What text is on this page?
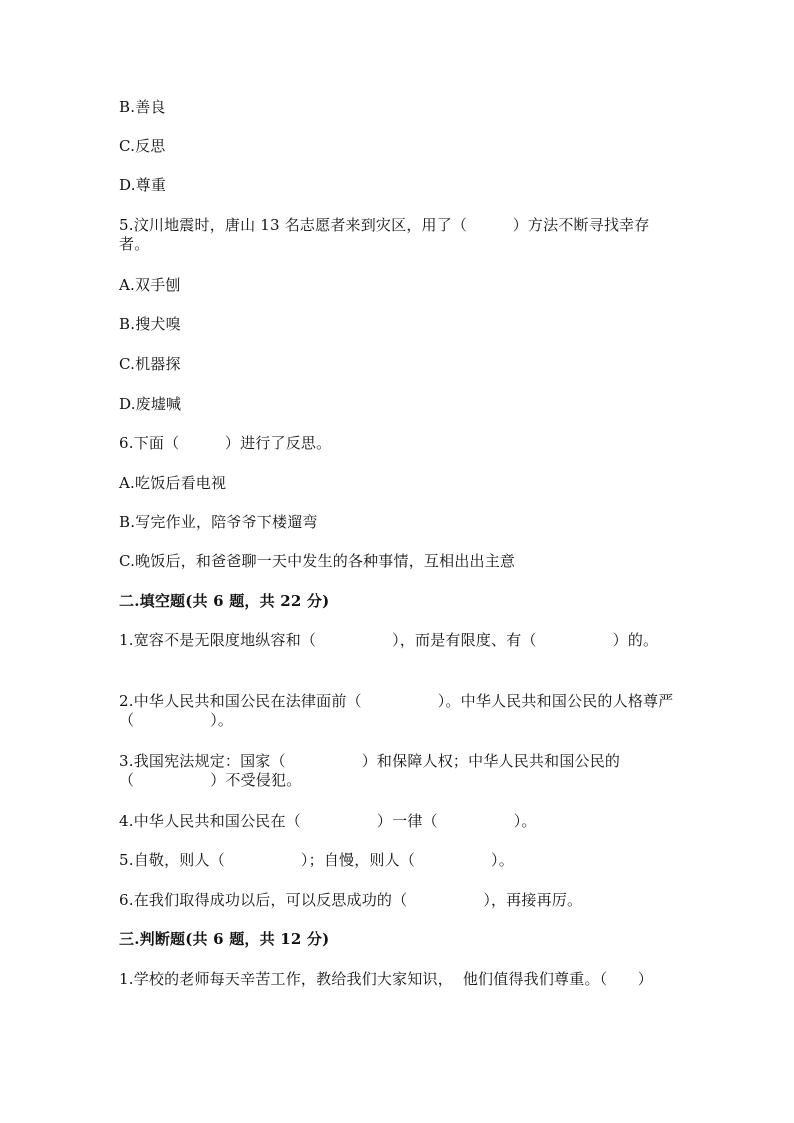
B.善良
C.反思
D.尊重
5.汶川地震时，唐山 13 名志愿者来到灾区，用了（　　　）方法不断寻找幸存者。
A.双手刨
B.搜犬嗅
C.机器探
D.废墟喊
6.下面（　　　）进行了反思。
A.吃饭后看电视
B.写完作业，陪爷爷下楼遛弯
C.晚饭后，和爸爸聊一天中发生的各种事情，互相出出主意
二.填空题(共 6 题，共 22 分)
1.宽容不是无限度地纵容和（　　　　　），而是有限度、有（　　　　　）的。
2.中华人民共和国公民在法律面前（　　　　　）。中华人民共和国公民的人格尊严（　　　　　）。
3.我国宪法规定：国家（　　　　　）和保障人权；中华人民共和国公民的（　　　　　）不受侵犯。
4.中华人民共和国公民在（　　　　　）一律（　　　　　）。
5.自敬，则人（　　　　　）；自慢，则人（　　　　　）。
6.在我们取得成功以后，可以反思成功的（　　　　　），再接再厉。
三.判断题(共 6 题，共 12 分)
1.学校的老师每天辛苦工作，教给我们大家知识，  他们值得我们尊重。（　　）
